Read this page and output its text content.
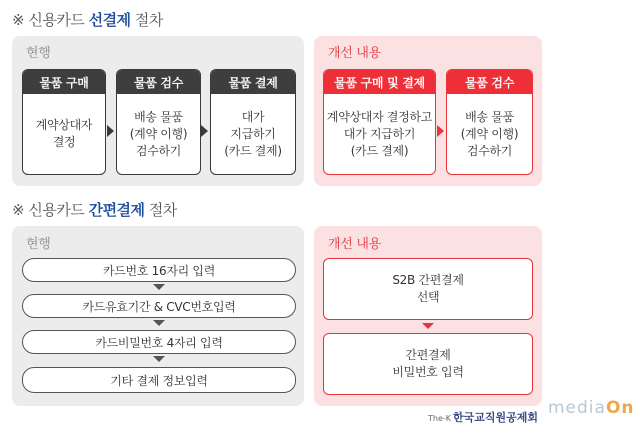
※ 신용카드 선결제 절차
현행
물품 구매
계약상대자
결정
물품 검수
배송 물품
(계약 이행)
검수하기
물품 결제
대가
지급하기
(카드 결제)
개선 내용
물품 구매 및 결제
계약상대자 결정하고
대가 지급하기
(카드 결제)
물품 검수
배송 물품
(계약 이행)
검수하기
※ 신용카드 간편결제 절차
현행
카드번호 16자리 입력
카드유효기간 & CVC번호입력
카드비밀번호 4자리 입력
기타 결제 정보입력
개선 내용
S2B 간편결제
선택
간편결제
비밀번호 입력
The-K 한국교직원공제회 mediaOn
